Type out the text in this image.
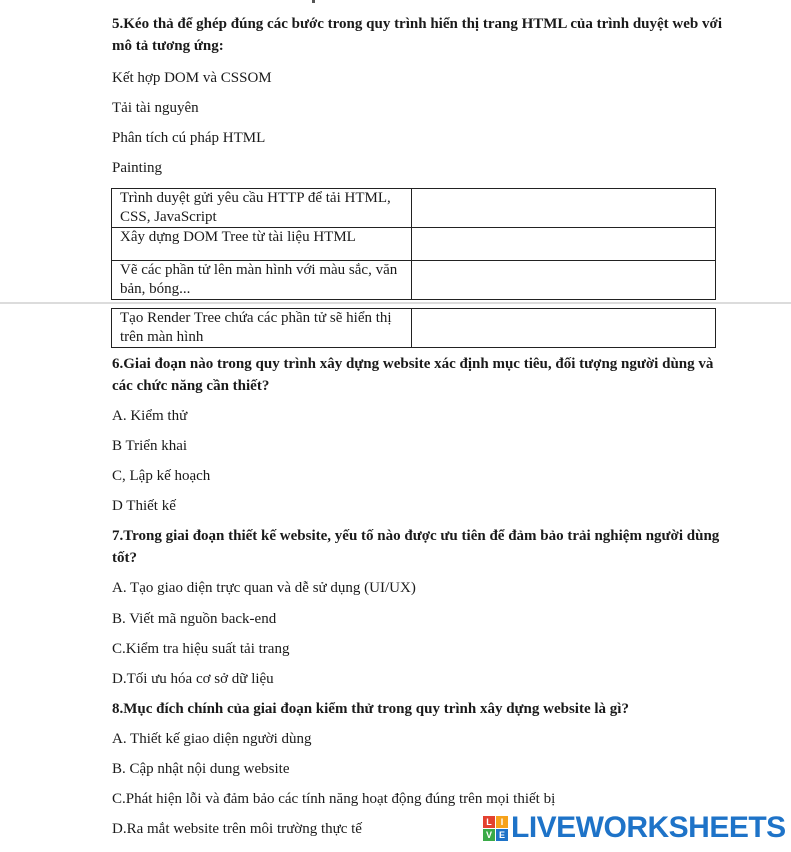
5.Kéo thả để ghép đúng các bước trong quy trình hiển thị trang HTML của trình duyệt web với mô tả tương ứng:
Kết hợp DOM và CSSOM
Tải tài nguyên
Phân tích cú pháp HTML
Painting
Trình duyệt gửi yêu cầu HTTP để tải HTML, CSS, JavaScript	
Xây dựng DOM Tree từ tài liệu HTML	
Vẽ các phần tử lên màn hình với màu sắc, văn bản, bóng...	
Tạo Render Tree chứa các phần tử sẽ hiển thị trên màn hình	
6.Giai đoạn nào trong quy trình xây dựng website xác định mục tiêu, đối tượng người dùng và các chức năng cần thiết?
A. Kiểm thử
B Triển khai
C, Lập kế hoạch
D Thiết kế
7.Trong giai đoạn thiết kế website, yếu tố nào được ưu tiên để đảm bảo trải nghiệm người dùng tốt?
A. Tạo giao diện trực quan và dễ sử dụng (UI/UX)
B. Viết mã nguồn back-end
C.Kiểm tra hiệu suất tải trang
D.Tối ưu hóa cơ sở dữ liệu
8.Mục đích chính của giai đoạn kiểm thử trong quy trình xây dựng website là gì?
A. Thiết kế giao diện người dùng
B. Cập nhật nội dung website
C.Phát hiện lỗi và đảm bảo các tính năng hoạt động đúng trên mọi thiết bị
D.Ra mắt website trên môi trường thực tế	L I
V E LIVEWORKSHEETS
